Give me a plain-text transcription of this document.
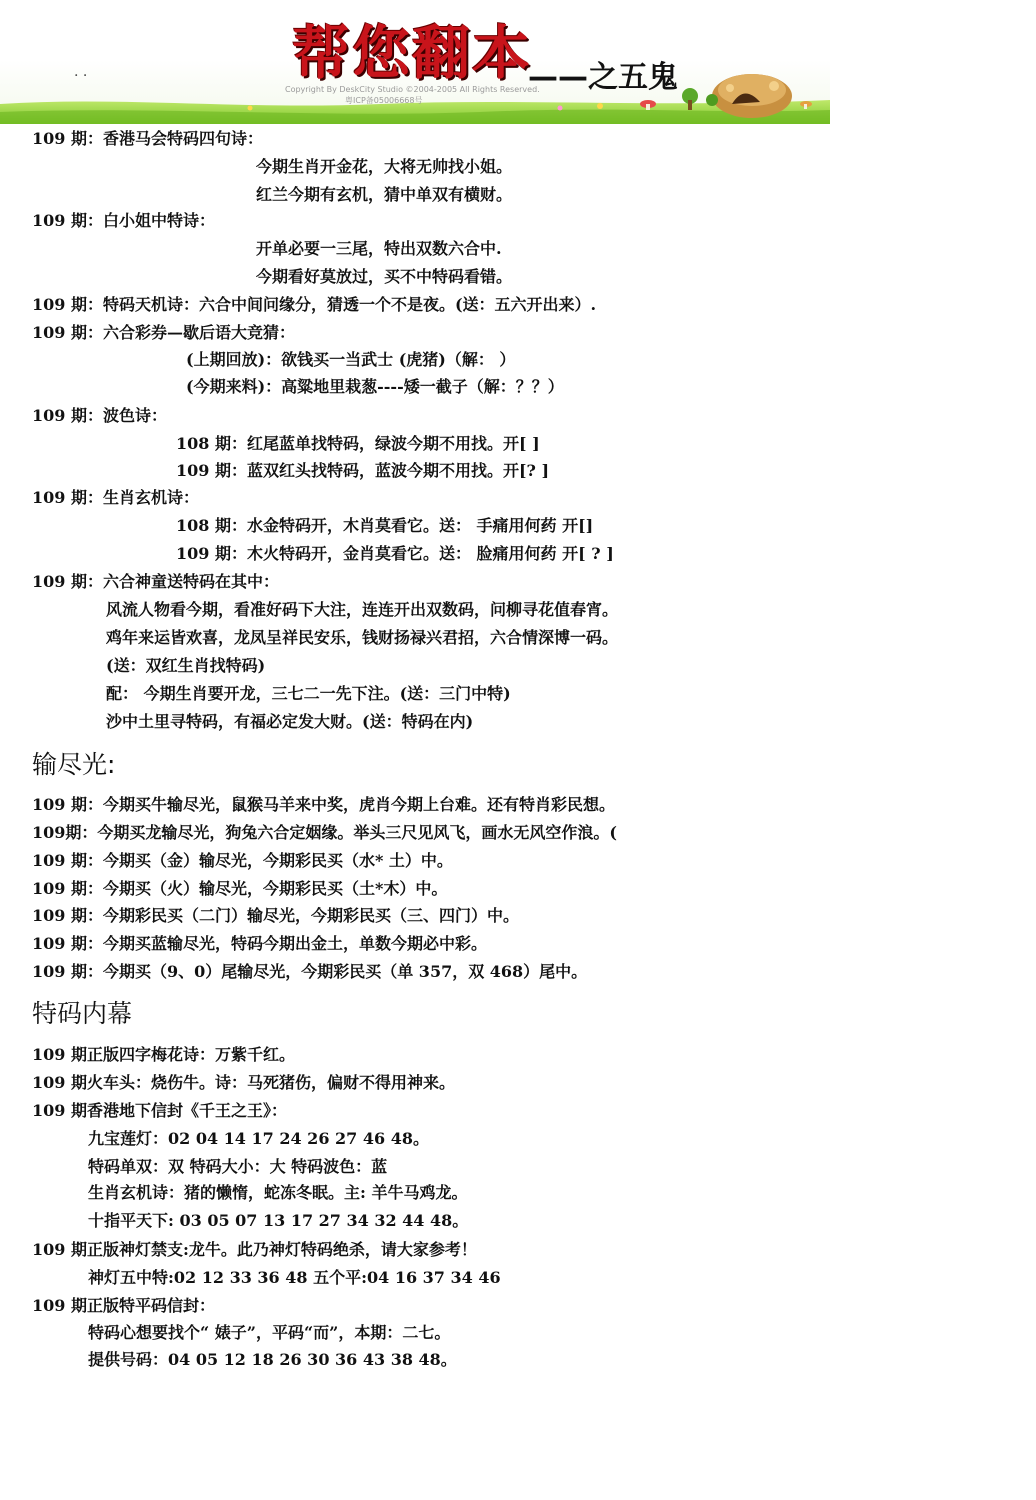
帮您翻本
——之五鬼
. .
Copyright By DeskCity Studio ©2004-2005 All Rights Reserved.
粤ICP备05006668号
109 期：香港马会特码四句诗：
今期生肖开金花，大将无帅找小姐。
红兰今期有玄机，猜中单双有横财。
109 期：白小姐中特诗：
开单必要一三尾，特出双数六合中.
今期看好莫放过，买不中特码看错。
109 期：特码天机诗：六合中间问缘分，猜透一个不是夜。(送：五六开出来）.
109 期：六合彩券—歇后语大竞猜：
(上期回放)：欲钱买一当武士 (虎猪)（解： ）
(今期来料)：高粱地里栽葱----矮一截子（解：？？）
109 期：波色诗：
108 期：红尾蓝单找特码，绿波今期不用找。开[ ]
109 期：蓝双红头找特码，蓝波今期不用找。开[? ]
109 期：生肖玄机诗：
108 期：水金特码开，木肖莫看它。送： 手痛用何药 开[]
109 期：木火特码开，金肖莫看它。送： 脸痛用何药 开[ ? ]
109 期：六合神童送特码在其中：
风流人物看今期，看准好码下大注，连连开出双数码，问柳寻花值春宵。
鸡年来运皆欢喜，龙凤呈祥民安乐，钱财扬禄兴君招，六合情深博一码。
(送：双红生肖找特码)
配： 今期生肖要开龙，三七二一先下注。(送：三门中特)
沙中土里寻特码，有福必定发大财。(送：特码在内)
输尽光:
109 期：今期买牛输尽光，鼠猴马羊来中奖，虎肖今期上台难。还有特肖彩民想。
109期：今期买龙输尽光，狗兔六合定姻缘。举头三尺见风飞，画水无风空作浪。(
109 期：今期买（金）输尽光，今期彩民买（水* 土）中。
109 期：今期买（火）输尽光，今期彩民买（土*木）中。
109 期：今期彩民买（二门）输尽光，今期彩民买（三、四门）中。
109 期：今期买蓝输尽光，特码今期出金土，单数今期必中彩。
109 期：今期买（9、0）尾输尽光，今期彩民买（单 357，双 468）尾中。
特码内幕
109 期正版四字梅花诗：万紫千红。
109 期火车头：烧伤牛。诗：马死猪伤，偏财不得用神来。
109 期香港地下信封《千王之王》：
九宝莲灯：02 04 14 17 24 26 27 46 48。
特码单双：双 特码大小：大 特码波色：蓝
生肖玄机诗：猪的懒惰，蛇冻冬眠。主: 羊牛马鸡龙。
十指平天下: 03 05 07 13 17 27 34 32 44 48。
109 期正版神灯禁支:龙牛。此乃神灯特码绝杀，请大家参考！
神灯五中特:02 12 33 36 48 五个平:04 16 37 34 46
109 期正版特平码信封：
特码心想要找个“ 婊子”，平码“而”，本期：二七。
提供号码：04 05 12 18 26 30 36 43 38 48。
